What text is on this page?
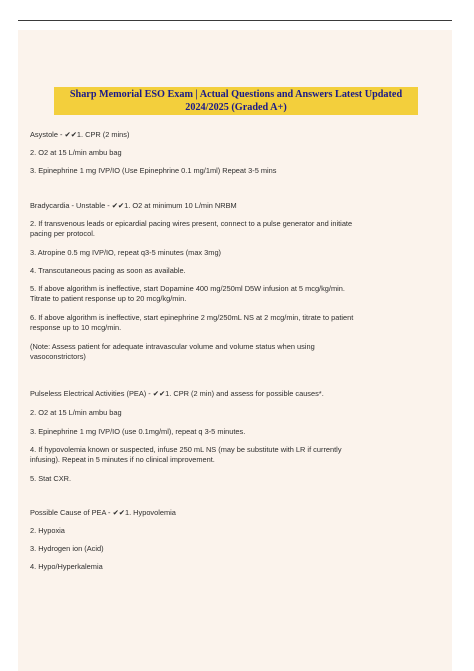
Sharp Memorial ESO Exam | Actual Questions and Answers Latest Updated
2024/2025 (Graded A+)
Asystole - ✔✔1. CPR (2 mins)
2. O2 at 15 L/min ambu bag
3. Epinephrine 1 mg IVP/IO (Use Epinephrine 0.1 mg/1ml) Repeat 3-5 mins
Bradycardia - Unstable - ✔✔1. O2 at minimum 10 L/min NRBM
2. If transvenous leads or epicardial pacing wires present, connect to a pulse generator and initiate
pacing per protocol.
3. Atropine 0.5 mg IVP/IO, repeat q3-5 minutes (max 3mg)
4. Transcutaneous pacing as soon as available.
5. If above algorithm is ineffective, start Dopamine 400 mg/250ml D5W infusion at 5 mcg/kg/min.
Titrate to patient response up to 20 mcg/kg/min.
6. If above algorithm is ineffective, start epinephrine 2 mg/250mL NS at 2 mcg/min, titrate to patient
response up to 10 mcg/min.
(Note: Assess patient for adequate intravascular volume and volume status when using
vasoconstrictors)
Pulseless Electrical Activities (PEA) - ✔✔1. CPR (2 min) and assess for possible causes*.
2. O2 at 15 L/min ambu bag
3. Epinephrine 1 mg IVP/IO (use 0.1mg/ml), repeat q 3-5 minutes.
4. If hypovolemia known or suspected, infuse 250 mL NS (may be substitute with LR if currently
infusing). Repeat in 5 minutes if no clinical improvement.
5. Stat CXR.
Possible Cause of PEA - ✔✔1. Hypovolemia
2. Hypoxia
3. Hydrogen ion (Acid)
4. Hypo/Hyperkalemia
